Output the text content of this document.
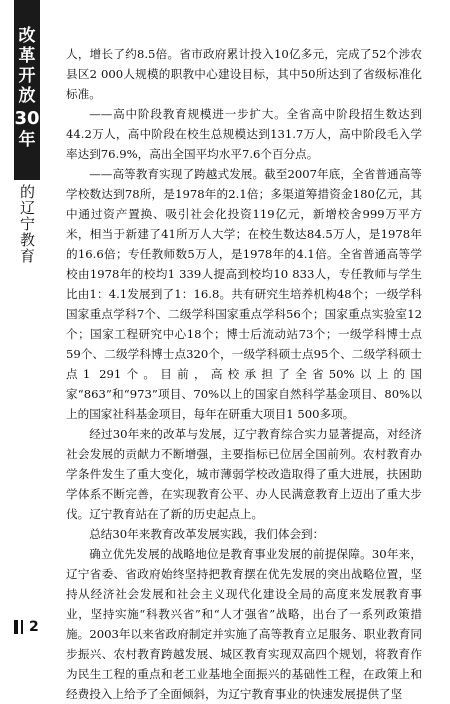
改
革
开
放
30
年
的辽宁教育

人，增长了约8.5倍。省市政府累计投入10亿多元，完成了52个涉农县区2 000人规模的职教中心建设目标，其中50所达到了省级标准化标准。

——高中阶段教育规模进一步扩大。全省高中阶段招生数达到44.2万人，高中阶段在校生总规模达到131.7万人，高中阶段毛入学率达到76.9%，高出全国平均水平7.6个百分点。

——高等教育实现了跨越式发展。截至2007年底，全省普通高等学校数达到78所，是1978年的2.1倍；多渠道筹措资金180亿元，其中通过资产置换、吸引社会化投资119亿元，新增校舍999万平方米，相当于新建了41所万人大学；在校生数达84.5万人，是1978年的16.6倍；专任教师数5万人，是1978年的4.1倍。全省普通高等学校由1978年的校均1 339人提高到校均10 833人，专任教师与学生比由1：4.1发展到了1：16.8。共有研究生培养机构48个；一级学科国家重点学科7个、二级学科国家重点学科56个；国家重点实验室12个；国家工程研究中心18个；博士后流动站73个；一级学科博士点59个、二级学科博士点320个，一级学科硕士点95个、二级学科硕士点1 291个。目前，高校承担了全省50%以上的国家“863”和“973”项目、70%以上的国家自然科学基金项目、80%以上的国家社科基金项目，每年在研重大项目1 500多项。

经过30年来的改革与发展，辽宁教育综合实力显著提高，对经济社会发展的贡献力不断增强，主要指标已位居全国前列。农村教育办学条件发生了重大变化，城市薄弱学校改造取得了重大进展，扶困助学体系不断完善，在实现教育公平、办人民满意教育上迈出了重大步伐。辽宁教育站在了新的历史起点上。

总结30年来教育改革发展实践，我们体会到：

确立优先发展的战略地位是教育事业发展的前提保障。30年来，辽宁省委、省政府始终坚持把教育摆在优先发展的突出战略位置，坚持从经济社会发展和社会主义现代化建设全局的高度来发展教育事业，坚持实施“科教兴省”和“人才强省”战略，出台了一系列政策措施。2003年以来省政府制定并实施了高等教育立足服务、职业教育同步振兴、农村教育跨越发展、城区教育实现双高四个规划，将教育作为民生工程的重点和老工业基地全面振兴的基础性工程，在政策上和经费投入上给予了全面倾斜，为辽宁教育事业的快速发展提供了坚

2
